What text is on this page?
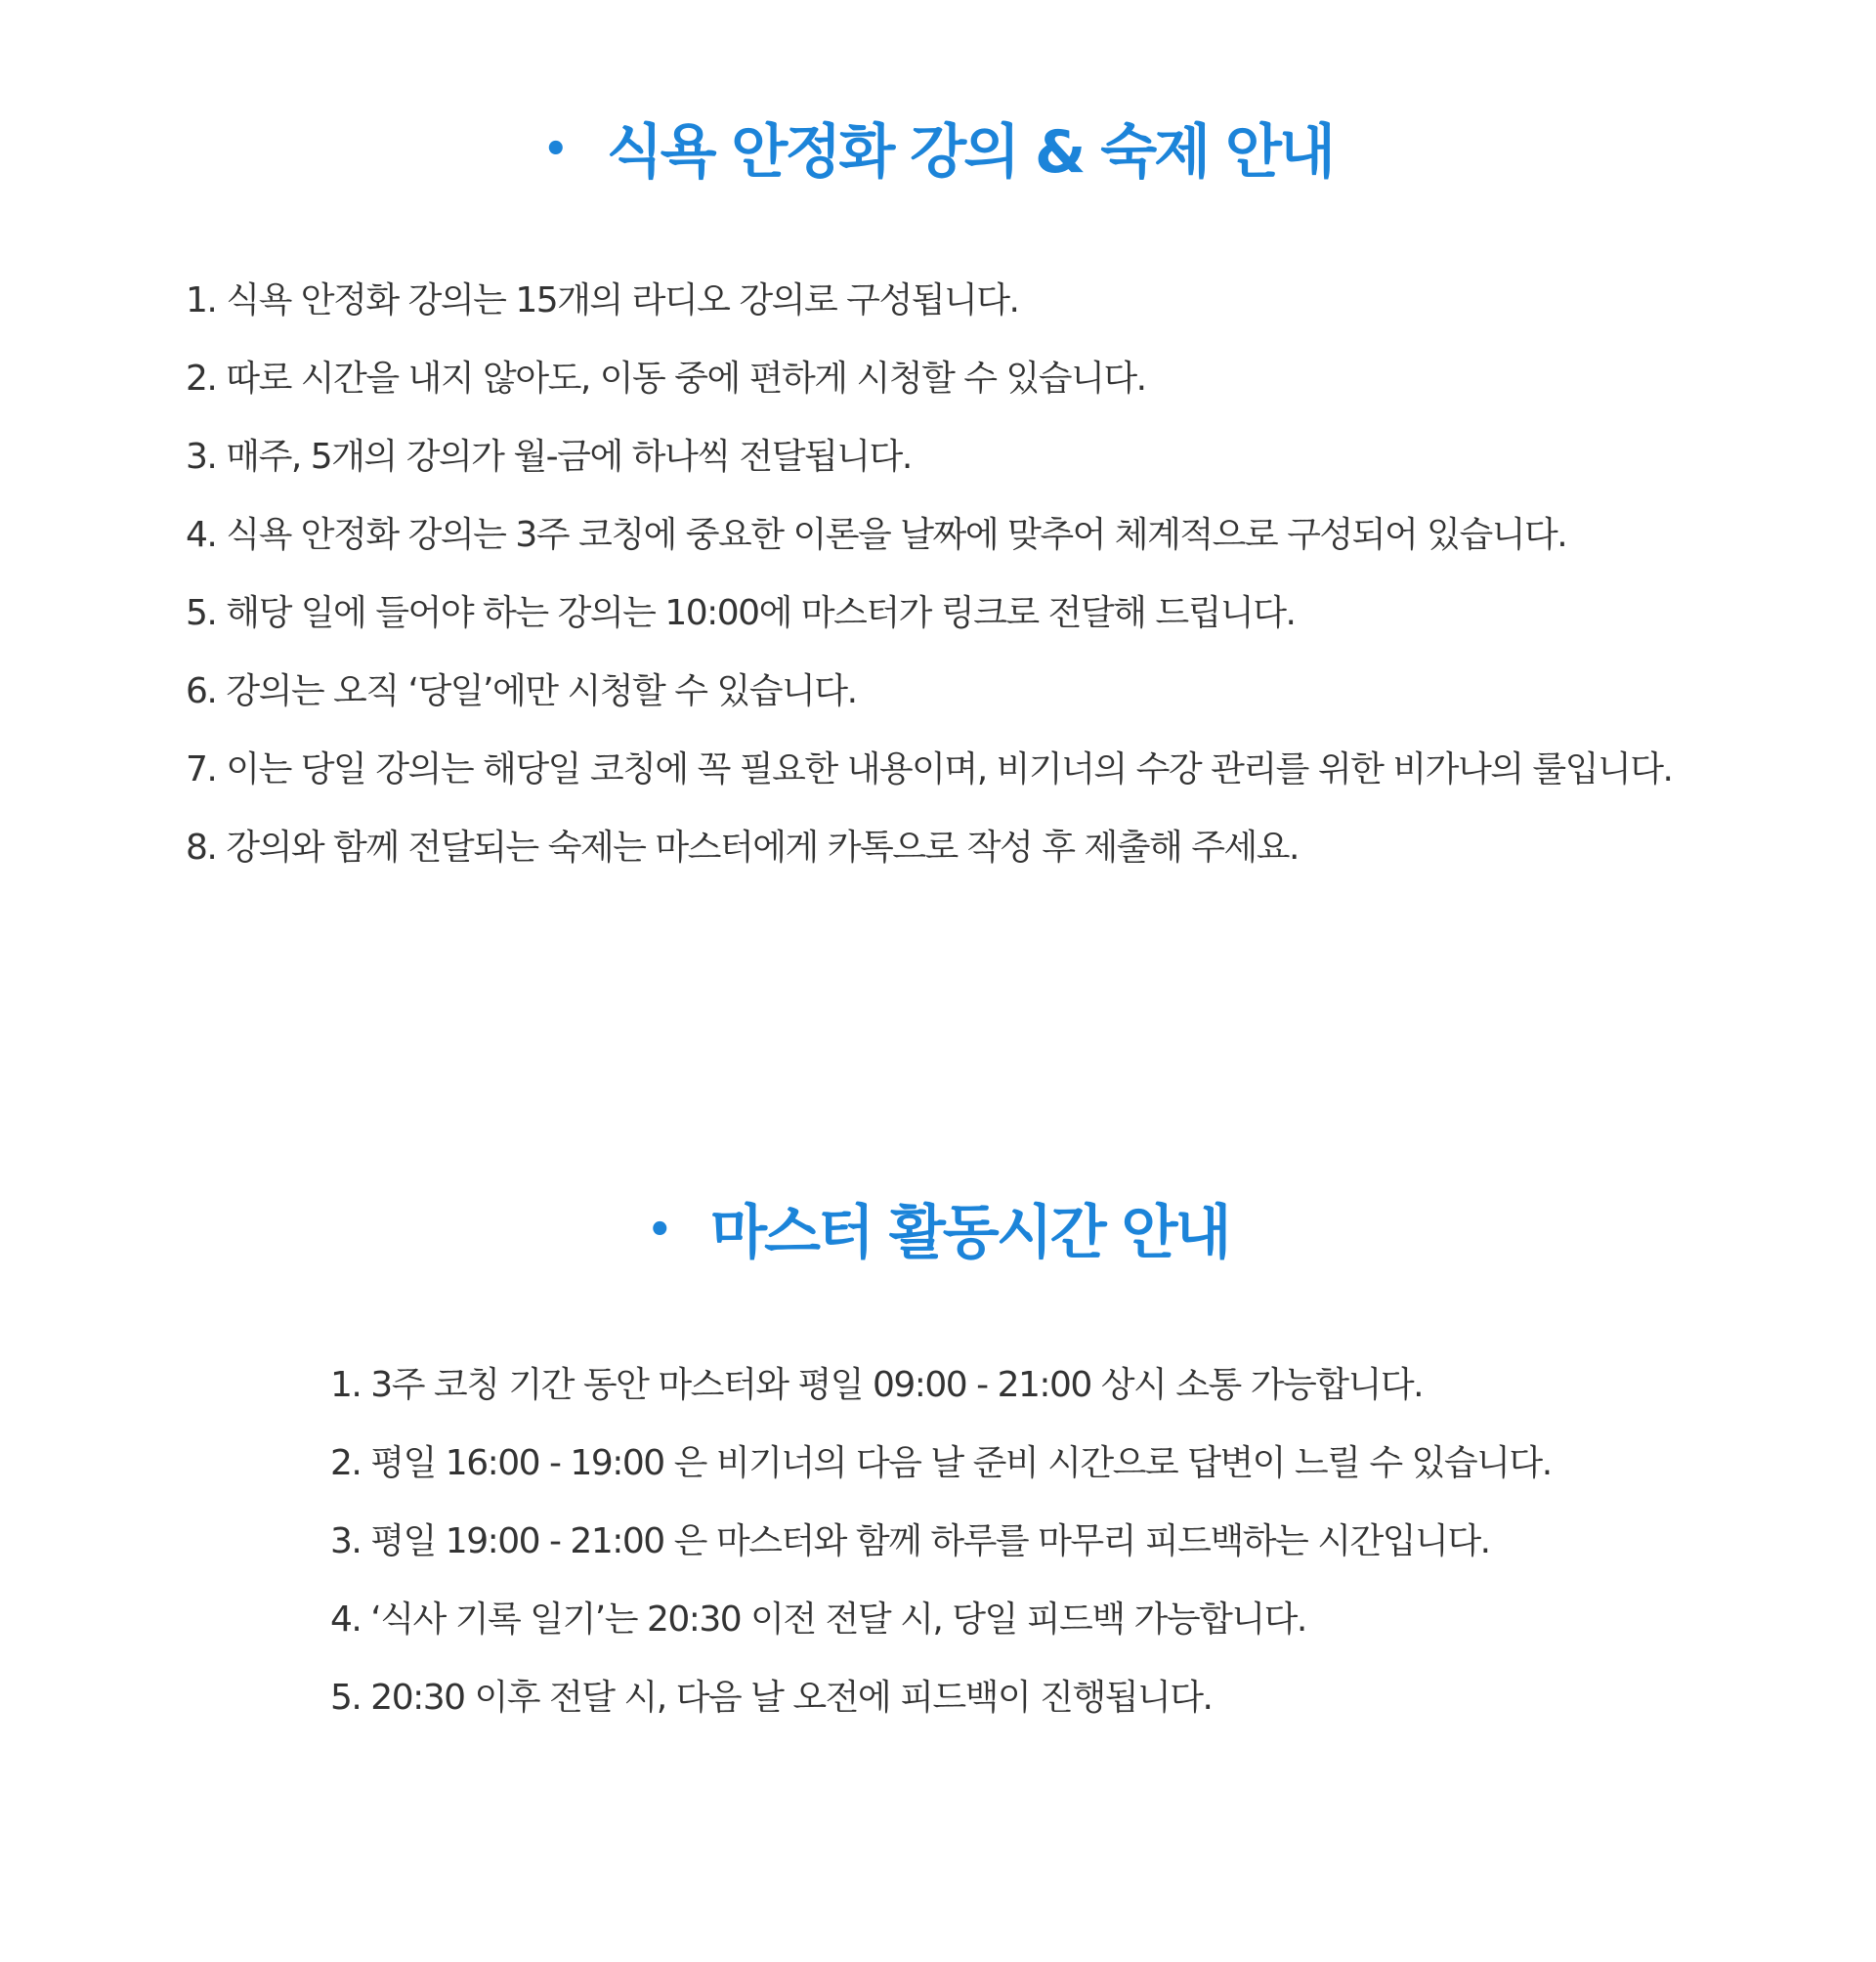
• 식욕 안정화 강의 & 숙제 안내
1. 식욕 안정화 강의는 15개의 라디오 강의로 구성됩니다.
2. 따로 시간을 내지 않아도, 이동 중에 편하게 시청할 수 있습니다.
3. 매주, 5개의 강의가 월-금에 하나씩 전달됩니다.
4. 식욕 안정화 강의는 3주 코칭에 중요한 이론을 날짜에 맞추어 체계적으로 구성되어 있습니다.
5. 해당 일에 들어야 하는 강의는 10:00에 마스터가 링크로 전달해 드립니다.
6. 강의는 오직 ‘당일’에만 시청할 수 있습니다.
7. 이는 당일 강의는 해당일 코칭에 꼭 필요한 내용이며, 비기너의 수강 관리를 위한 비가나의 룰입니다.
8. 강의와 함께 전달되는 숙제는 마스터에게 카톡으로 작성 후 제출해 주세요.
• 마스터 활동시간 안내
1. 3주 코칭 기간 동안 마스터와 평일 09:00 - 21:00 상시 소통 가능합니다.
2. 평일 16:00 - 19:00 은 비기너의 다음 날 준비 시간으로 답변이 느릴 수 있습니다.
3. 평일 19:00 - 21:00 은 마스터와 함께 하루를 마무리 피드백하는 시간입니다.
4. ‘식사 기록 일기’는 20:30 이전 전달 시, 당일 피드백 가능합니다.
5. 20:30 이후 전달 시, 다음 날 오전에 피드백이 진행됩니다.
